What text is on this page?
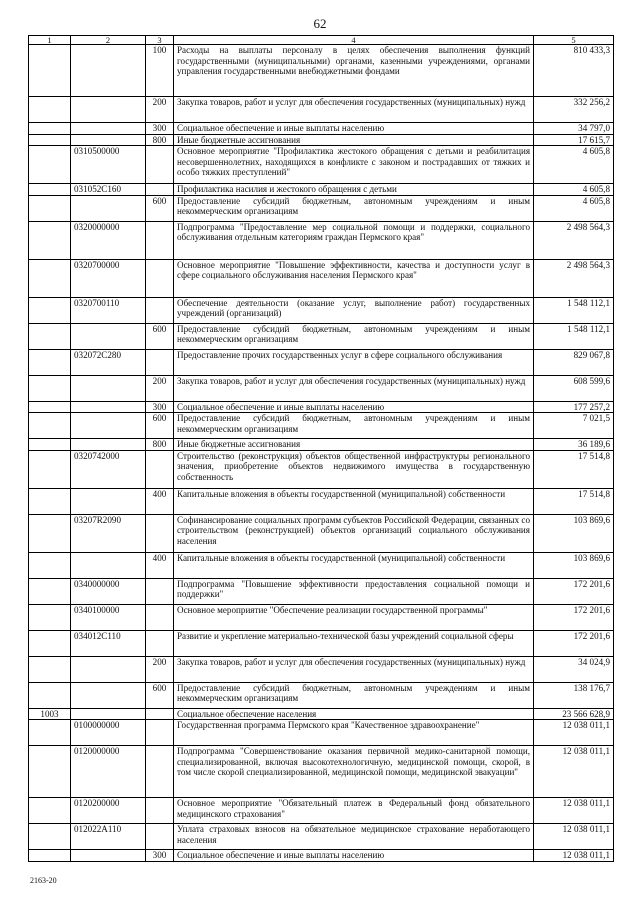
62
1	2	3	4	5
		100	Расходы на выплаты персоналу в целях обеспечения выполнения функций государственными (муниципальными) органами, казенными учреждениями, органами управления государственными внебюджетными фондами	810 433,3
		200	Закупка товаров, работ и услуг для обеспечения государственных (муниципальных) нужд	332 256,2
		300	Социальное обеспечение и иные выплаты населению	34 797,0
		800	Иные бюджетные ассигнования	17 615,7
	0310500000		Основное мероприятие "Профилактика жестокого обращения с детьми и реабилитация несовершеннолетних, находящихся в конфликте с законом и пострадавших от тяжких и особо тяжких преступлений"	4 605,8
	031052С160		Профилактика насилия и жестокого обращения с детьми	4 605,8
		600	Предоставление субсидий бюджетным, автономным учреждениям и иным некоммерческим организациям	4 605,8
	0320000000		Подпрограмма "Предоставление мер социальной помощи и поддержки, социального обслуживания отдельным категориям граждан Пермского края"	2 498 564,3
	0320700000		Основное мероприятие "Повышение эффективности, качества и доступности услуг в сфере социального обслуживания населения Пермского края"	2 498 564,3
	0320700110		Обеспечение деятельности (оказание услуг, выполнение работ) государственных учреждений (организаций)	1 548 112,1
		600	Предоставление субсидий бюджетным, автономным учреждениям и иным некоммерческим организациям	1 548 112,1
	032072С280		Предоставление прочих государственных услуг в сфере социального обслуживания	829 067,8
		200	Закупка товаров, работ и услуг для обеспечения государственных (муниципальных) нужд	608 599,6
		300	Социальное обеспечение и иные выплаты населению	177 257,2
		600	Предоставление субсидий бюджетным, автономным учреждениям и иным некоммерческим организациям	7 021,5
		800	Иные бюджетные ассигнования	36 189,6
	0320742000		Строительство (реконструкция) объектов общественной инфраструктуры регионального значения, приобретение объектов недвижимого имущества в государственную собственность	17 514,8
		400	Капитальные вложения в объекты государственной (муниципальной) собственности	17 514,8
	03207R2090		Софинансирование социальных программ субъектов Российской Федерации, связанных со строительством (реконструкцией) объектов организаций социального обслуживания населения	103 869,6
		400	Капитальные вложения в объекты государственной (муниципальной) собственности	103 869,6
	0340000000		Подпрограмма "Повышение эффективности предоставления социальной помощи и поддержки"	172 201,6
	0340100000		Основное мероприятие "Обеспечение реализации государственной программы"	172 201,6
	034012С110		Развитие и укрепление материально-технической базы учреждений социальной сферы	172 201,6
		200	Закупка товаров, работ и услуг для обеспечения государственных (муниципальных) нужд	34 024,9
		600	Предоставление субсидий бюджетным, автономным учреждениям и иным некоммерческим организациям	138 176,7
1003			Социальное обеспечение населения	23 566 628,9
	0100000000		Государственная программа Пермского края "Качественное здравоохранение"	12 038 011,1
	0120000000		Подпрограмма "Совершенствование оказания первичной медико-санитарной помощи, специализированной, включая высокотехнологичную, медицинской помощи, скорой, в том числе скорой специализированной, медицинской помощи, медицинской эвакуации"	12 038 011,1
	0120200000		Основное мероприятие "Обязательный платеж в Федеральный фонд обязательного медицинского страхования"	12 038 011,1
	012022А110		Уплата страховых взносов на обязательное медицинское страхование неработающего населения	12 038 011,1
		300	Социальное обеспечение и иные выплаты населению	12 038 011,1
2163-20
